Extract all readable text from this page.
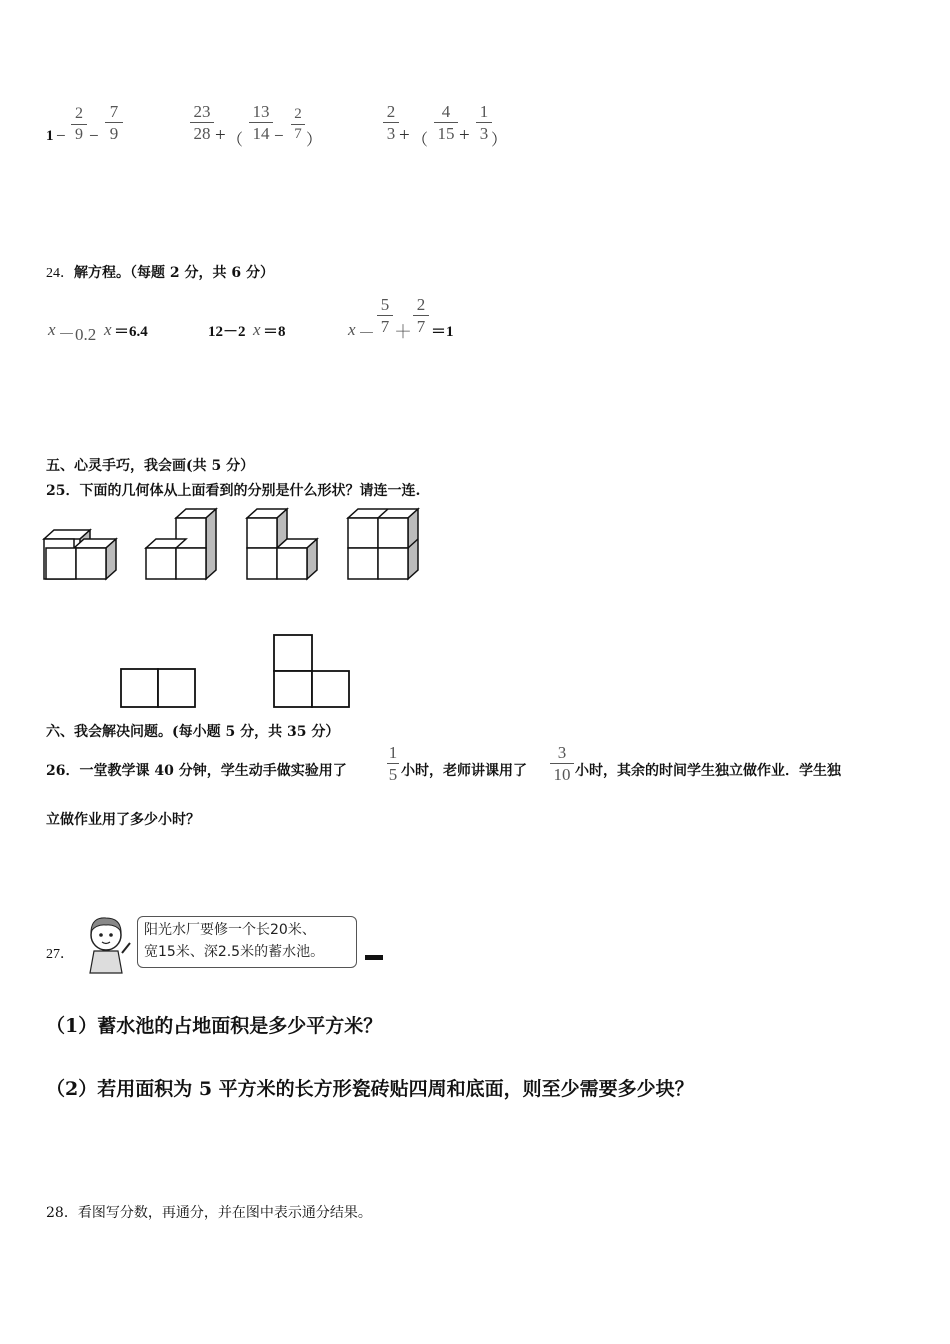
1 −
2
9 −
7
9
23
28 + （
13
14 −
2
7 ）
2
3 + （
4
15 +
1
3 ）
24．解方程。（每题 2 分，共 6 分）
x －0.2 x ＝6.4	12－2 x ＝8	x －
5
7 ＋
2
7 ＝1
五、心灵手巧，我会画(共 5 分）
25．下面的几何体从上面看到的分别是什么形状？请连一连.
六、我会解决问题。(每小题 5 分，共 35 分）
26．一堂教学课 40 分钟，学生动手做实验用了
1
5 小时，老师讲课用了
3
10 小时，其余的时间学生独立做作业．学生独
立做作业用了多少小时？
27．
阳光水厂要修一个长20米、
宽15米、深2.5米的蓄水池。
（1）蓄水池的占地面积是多少平方米？
（2）若用面积为 5 平方米的长方形瓷砖贴四周和底面，则至少需要多少块？
28．看图写分数，再通分，并在图中表示通分结果。
